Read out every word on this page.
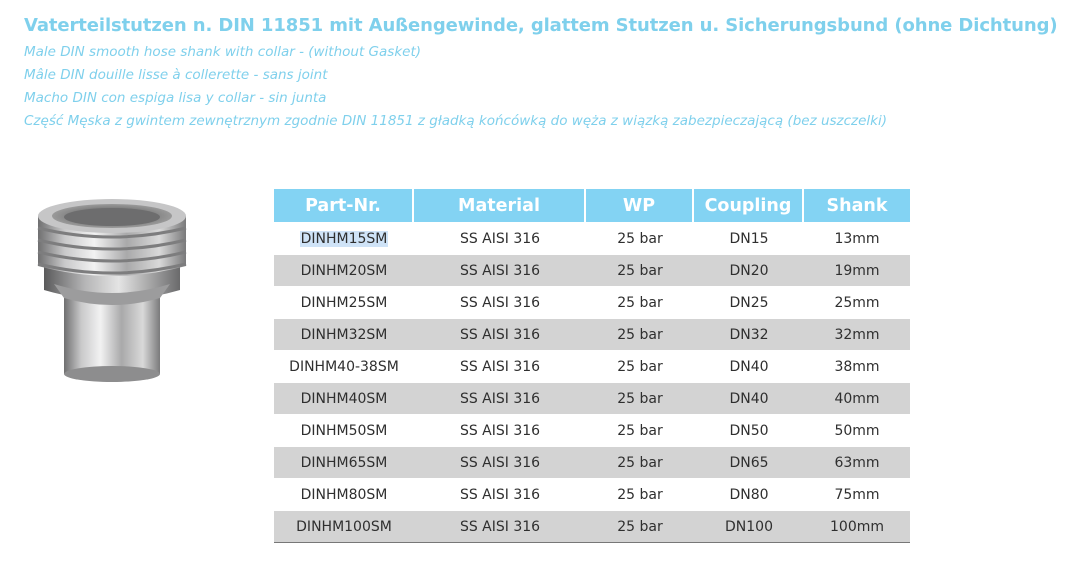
Vaterteilstutzen n. DIN 11851 mit Außengewinde, glattem Stutzen u. Sicherungsbund (ohne Dichtung)
Male DIN smooth hose shank with collar - (without Gasket)
Mâle DIN douille lisse à collerette - sans joint
Macho DIN con espiga lisa y collar - sin junta
Część Męska z gwintem zewnętrznym zgodnie DIN 11851 z gładką końcówką do węża z wiązką zabezpieczającą (bez uszczelki)
Part-Nr.	Material	WP	Coupling	Shank
DINHM15SM	SS AISI 316	25 bar	DN15	13mm
DINHM20SM	SS AISI 316	25 bar	DN20	19mm
DINHM25SM	SS AISI 316	25 bar	DN25	25mm
DINHM32SM	SS AISI 316	25 bar	DN32	32mm
DINHM40-38SM	SS AISI 316	25 bar	DN40	38mm
DINHM40SM	SS AISI 316	25 bar	DN40	40mm
DINHM50SM	SS AISI 316	25 bar	DN50	50mm
DINHM65SM	SS AISI 316	25 bar	DN65	63mm
DINHM80SM	SS AISI 316	25 bar	DN80	75mm
DINHM100SM	SS AISI 316	25 bar	DN100	100mm
